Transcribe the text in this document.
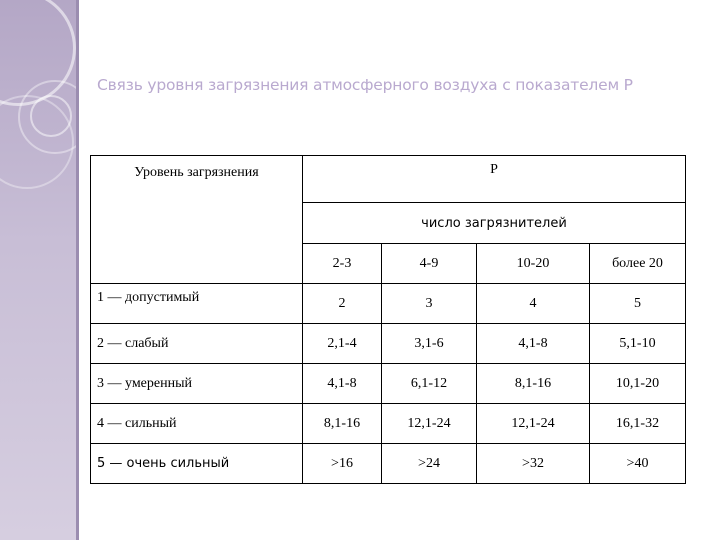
Связь уровня загрязнения атмосферного воздуха с показателем Р
Уровень загрязнения	Р			
	число загрязнителей			
	2-3	4-9	10-20	более 20
1 — допустимый	2	3	4	5
2 — слабый	2,1-4	3,1-6	4,1-8	5,1-10
3 — умеренный	4,1-8	6,1-12	8,1-16	10,1-20
4 — сильный	8,1-16	12,1-24	12,1-24	16,1-32
5 — очень сильный	>16	>24	>32	>40
